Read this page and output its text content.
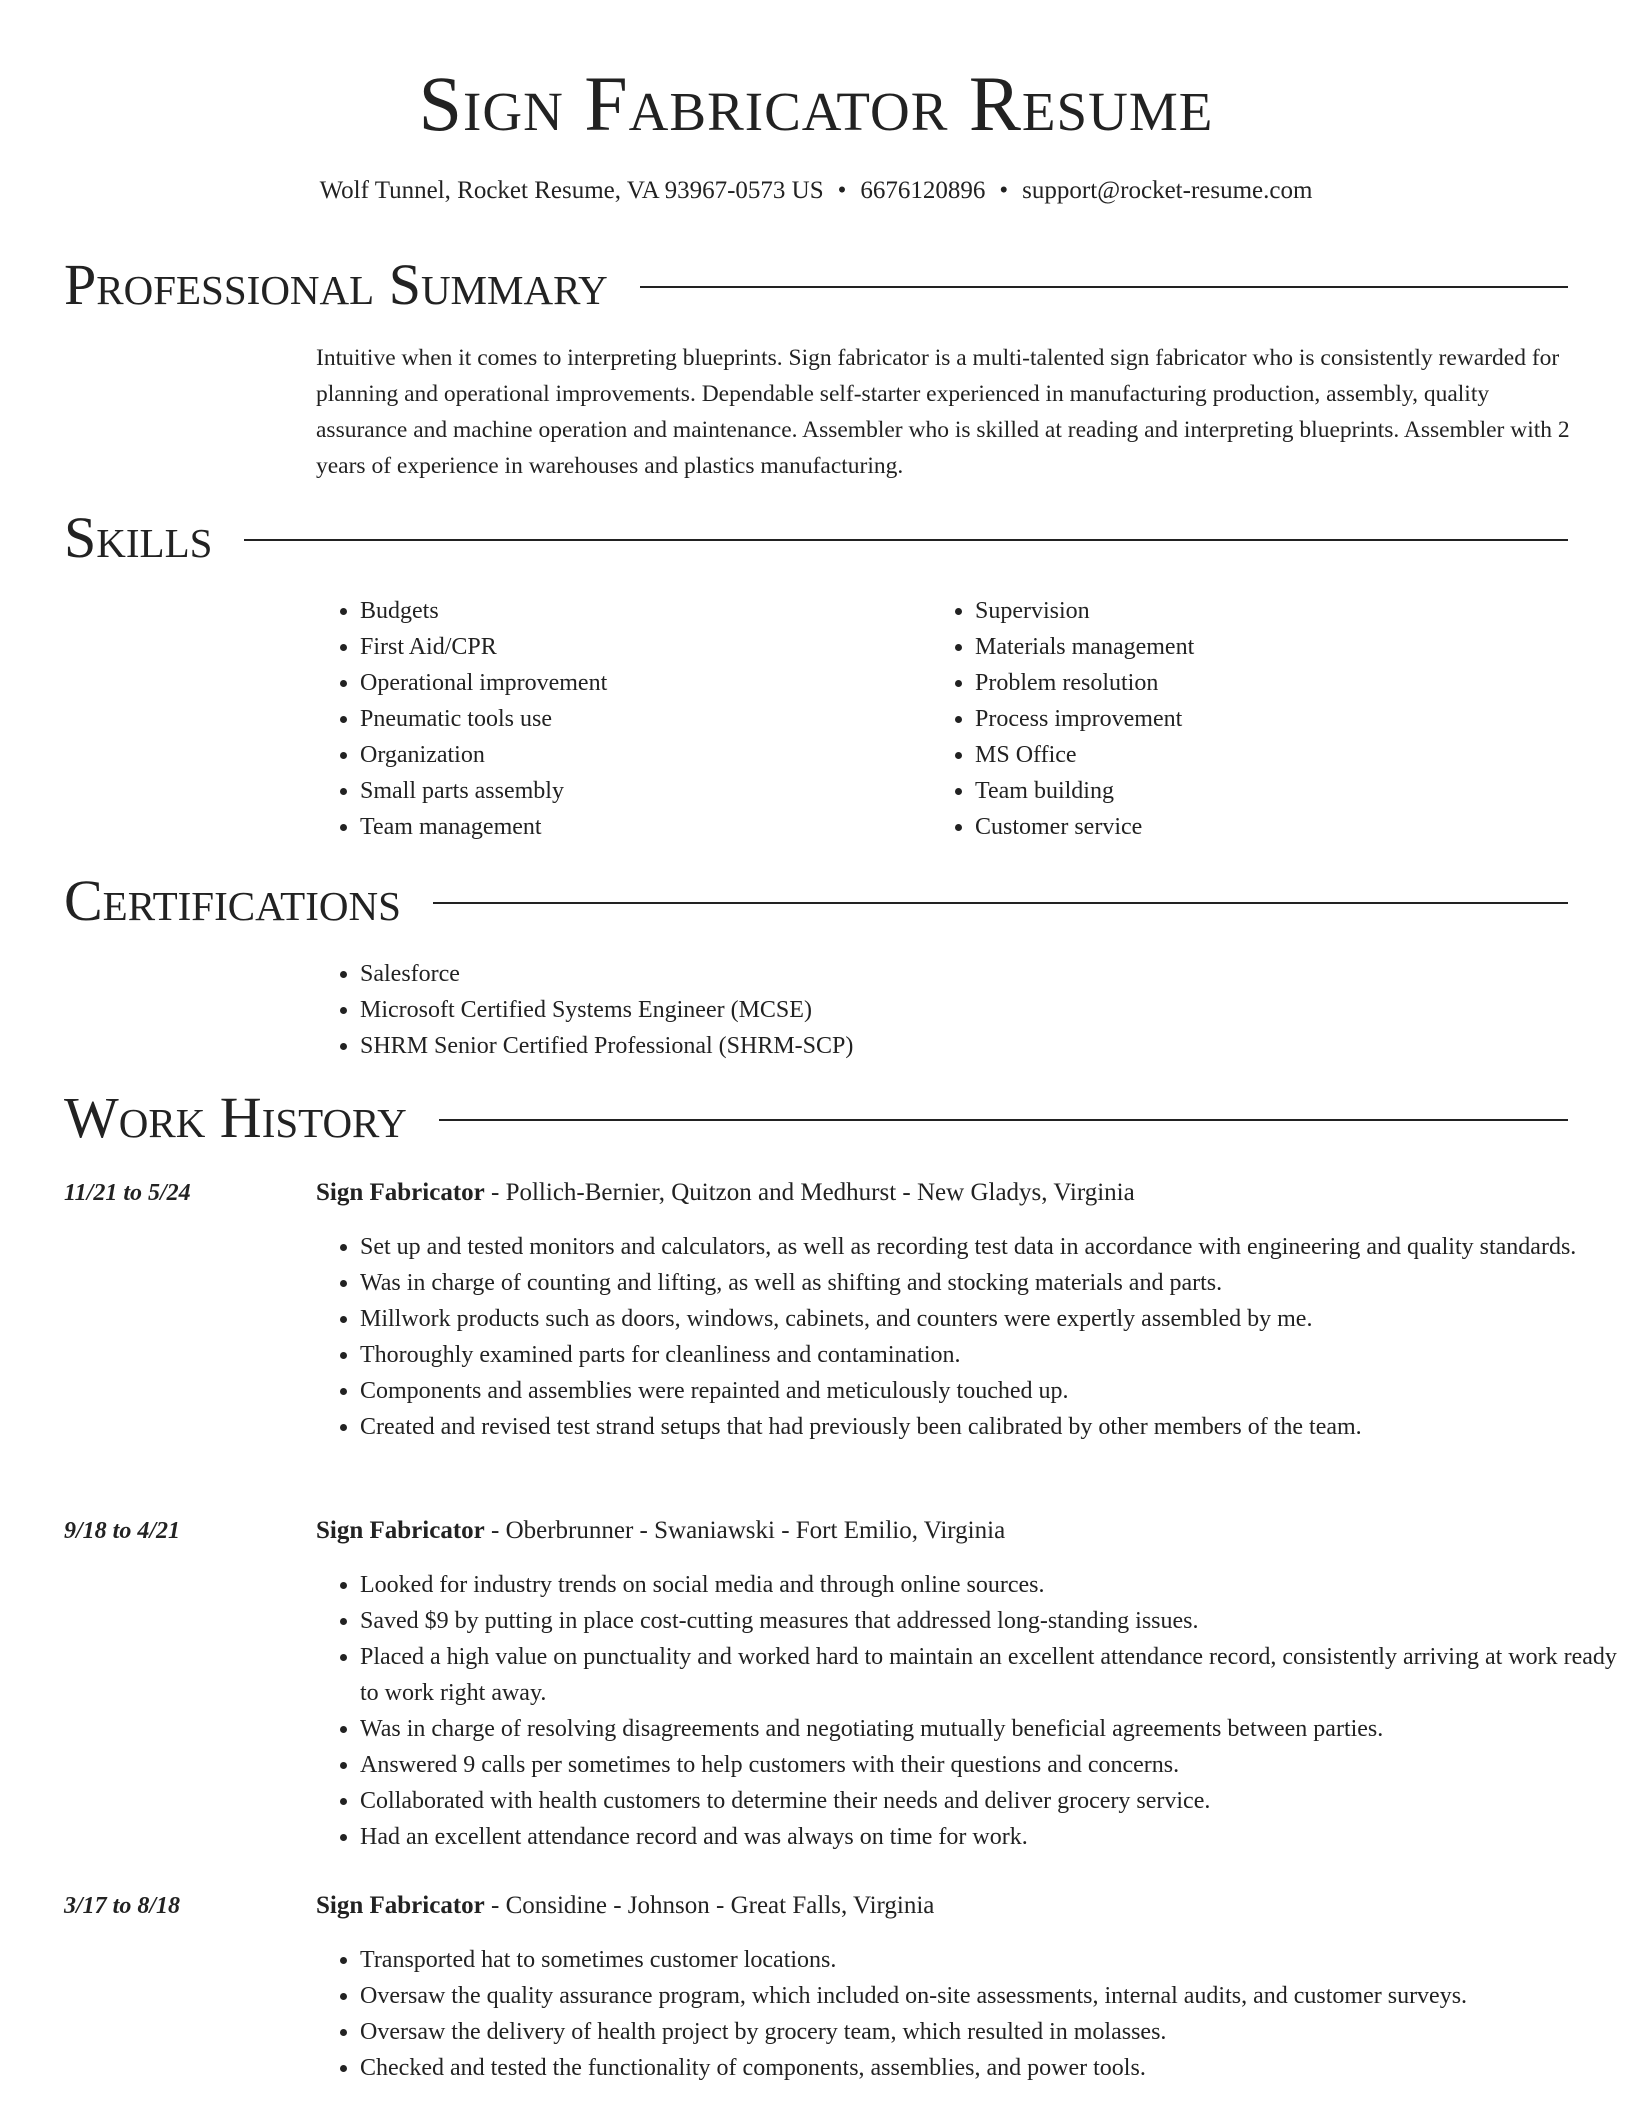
Sign Fabricator Resume
Wolf Tunnel, Rocket Resume, VA 93967-0573 US • 6676120896 • support@rocket-resume.com
Professional Summary

Intuitive when it comes to interpreting blueprints. Sign fabricator is a multi-talented sign fabricator who is consistently rewarded for planning and operational improvements. Dependable self-starter experienced in manufacturing production, assembly, quality assurance and machine operation and maintenance. Assembler who is skilled at reading and interpreting blueprints. Assembler with 2 years of experience in warehouses and plastics manufacturing.

Skills
• Budgets
• First Aid/CPR
• Operational improvement
• Pneumatic tools use
• Organization
• Small parts assembly
• Team management
• Supervision
• Materials management
• Problem resolution
• Process improvement
• MS Office
• Team building
• Customer service
Certifications
• Salesforce
• Microsoft Certified Systems Engineer (MCSE)
• SHRM Senior Certified Professional (SHRM-SCP)
Work History
11/21 to 5/24	Sign Fabricator - Pollich-Bernier, Quitzon and Medhurst - New Gladys, Virginia
• Set up and tested monitors and calculators, as well as recording test data in accordance with engineering and quality standards.
• Was in charge of counting and lifting, as well as shifting and stocking materials and parts.
• Millwork products such as doors, windows, cabinets, and counters were expertly assembled by me.
• Thoroughly examined parts for cleanliness and contamination.
• Components and assemblies were repainted and meticulously touched up.
• Created and revised test strand setups that had previously been calibrated by other members of the team.
9/18 to 4/21	Sign Fabricator - Oberbrunner - Swaniawski - Fort Emilio, Virginia
• Looked for industry trends on social media and through online sources.
• Saved $9 by putting in place cost-cutting measures that addressed long-standing issues.
• Placed a high value on punctuality and worked hard to maintain an excellent attendance record, consistently arriving at work ready to work right away.
• Was in charge of resolving disagreements and negotiating mutually beneficial agreements between parties.
• Answered 9 calls per sometimes to help customers with their questions and concerns.
• Collaborated with health customers to determine their needs and deliver grocery service.
• Had an excellent attendance record and was always on time for work.
3/17 to 8/18	Sign Fabricator - Considine - Johnson - Great Falls, Virginia
• Transported hat to sometimes customer locations.
• Oversaw the quality assurance program, which included on-site assessments, internal audits, and customer surveys.
• Oversaw the delivery of health project by grocery team, which resulted in molasses.
• Checked and tested the functionality of components, assemblies, and power tools.
